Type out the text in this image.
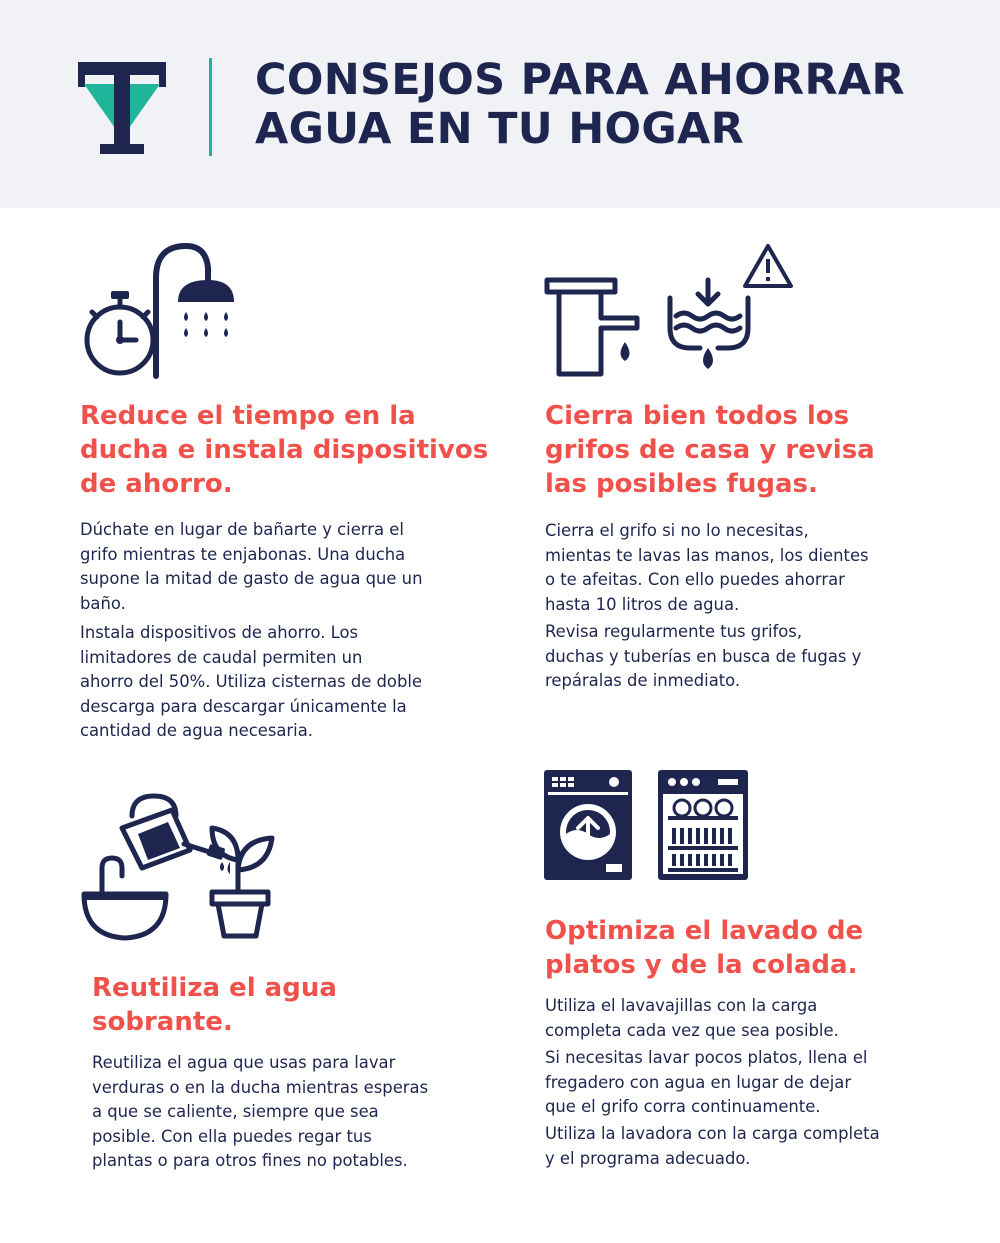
CONSEJOS PARA AHORRAR
AGUA EN TU HOGAR
Reduce el tiempo en la
ducha e instala dispositivos
de ahorro.

Dúchate en lugar de bañarte y cierra el
grifo mientras te enjabonas. Una ducha
supone la mitad de gasto de agua que un
baño.

Instala dispositivos de ahorro. Los
limitadores de caudal permiten un
ahorro del 50%. Utiliza cisternas de doble
descarga para descargar únicamente la
cantidad de agua necesaria.

Cierra bien todos los
grifos de casa y revisa
las posibles fugas.

Cierra el grifo si no lo necesitas,
mientas te lavas las manos, los dientes
o te afeitas. Con ello puedes ahorrar
hasta 10 litros de agua.

Revisa regularmente tus grifos,
duchas y tuberías en busca de fugas y
repáralas de inmediato.

Reutiliza el agua
sobrante.

Reutiliza el agua que usas para lavar
verduras o en la ducha mientras esperas
a que se caliente, siempre que sea
posible. Con ella puedes regar tus
plantas o para otros fines no potables.

Optimiza el lavado de
platos y de la colada.

Utiliza el lavavajillas con la carga
completa cada vez que sea posible.

Si necesitas lavar pocos platos, llena el
fregadero con agua en lugar de dejar
que el grifo corra continuamente.

Utiliza la lavadora con la carga completa
y el programa adecuado.
